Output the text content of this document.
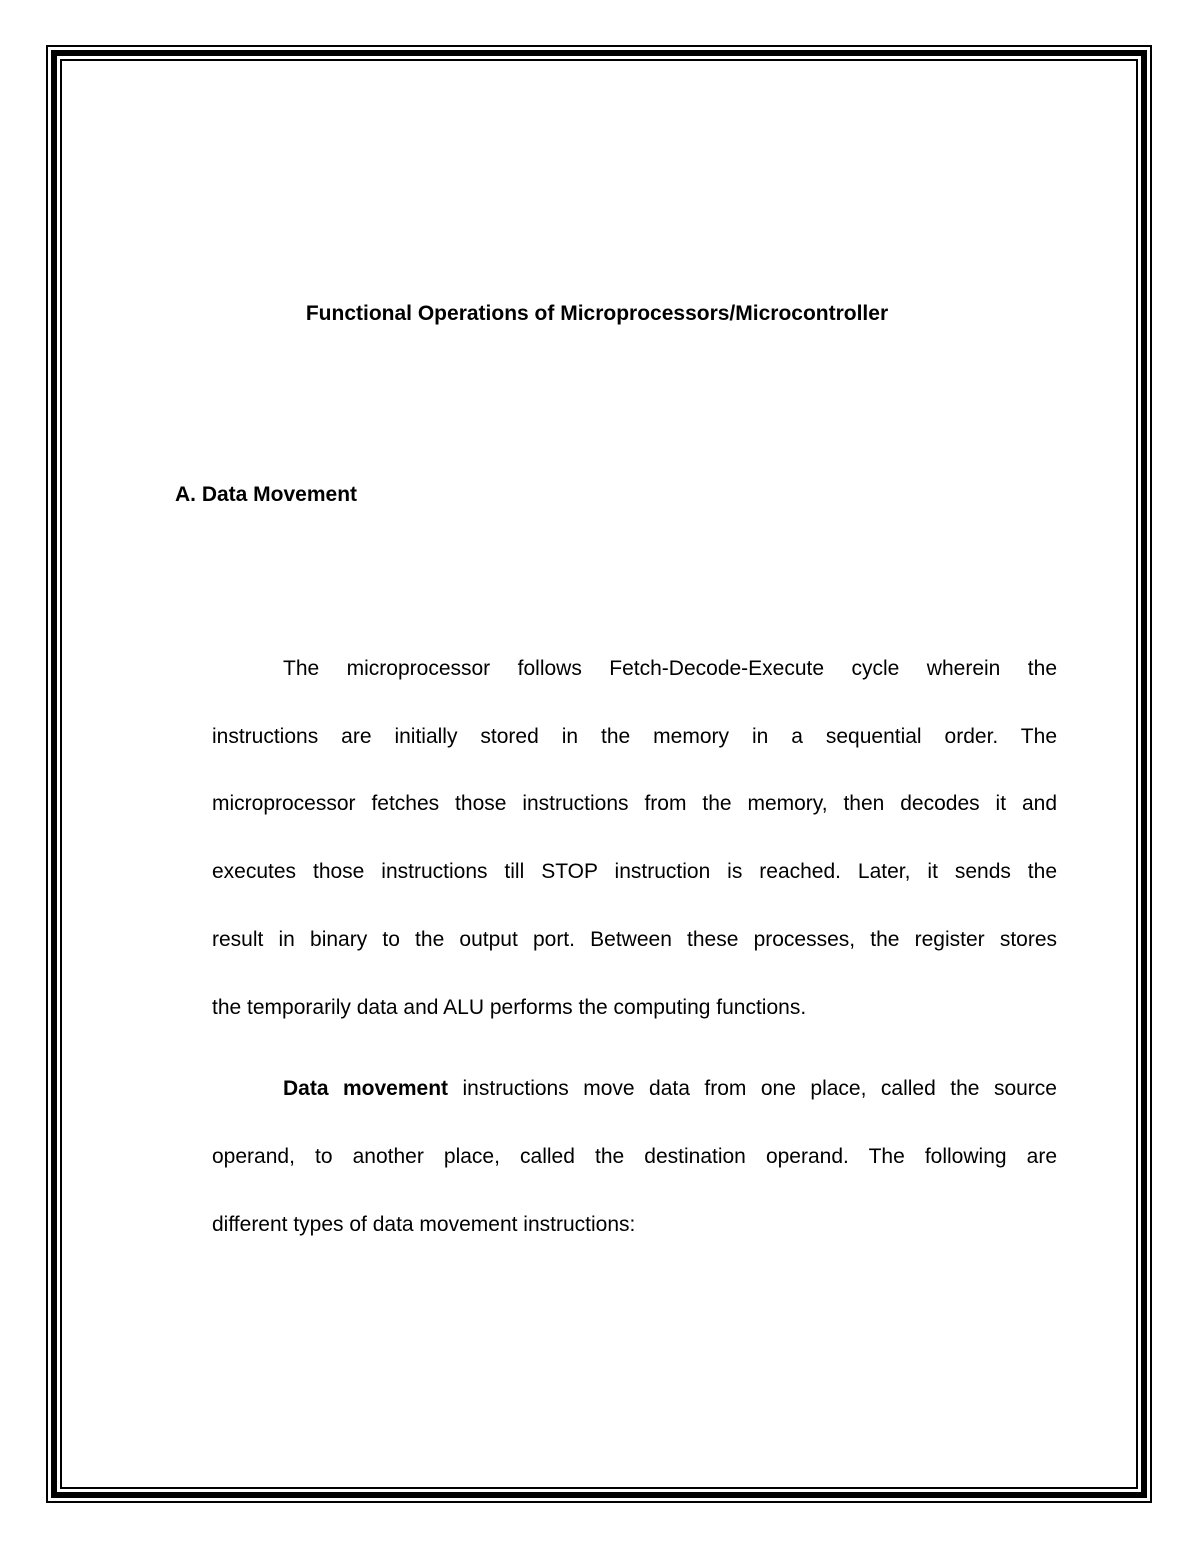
Functional Operations of Microprocessors/Microcontroller
A. Data Movement

The microprocessor follows Fetch-Decode-Execute cycle wherein the

instructions are initially stored in the memory in a sequential order. The

microprocessor fetches those instructions from the memory, then decodes it and

executes those instructions till STOP instruction is reached. Later, it sends the

result in binary to the output port. Between these processes, the register stores

the temporarily data and ALU performs the computing functions.

Data movement instructions move data from one place, called the source

operand, to another place, called the destination operand. The following are

different types of data movement instructions:
